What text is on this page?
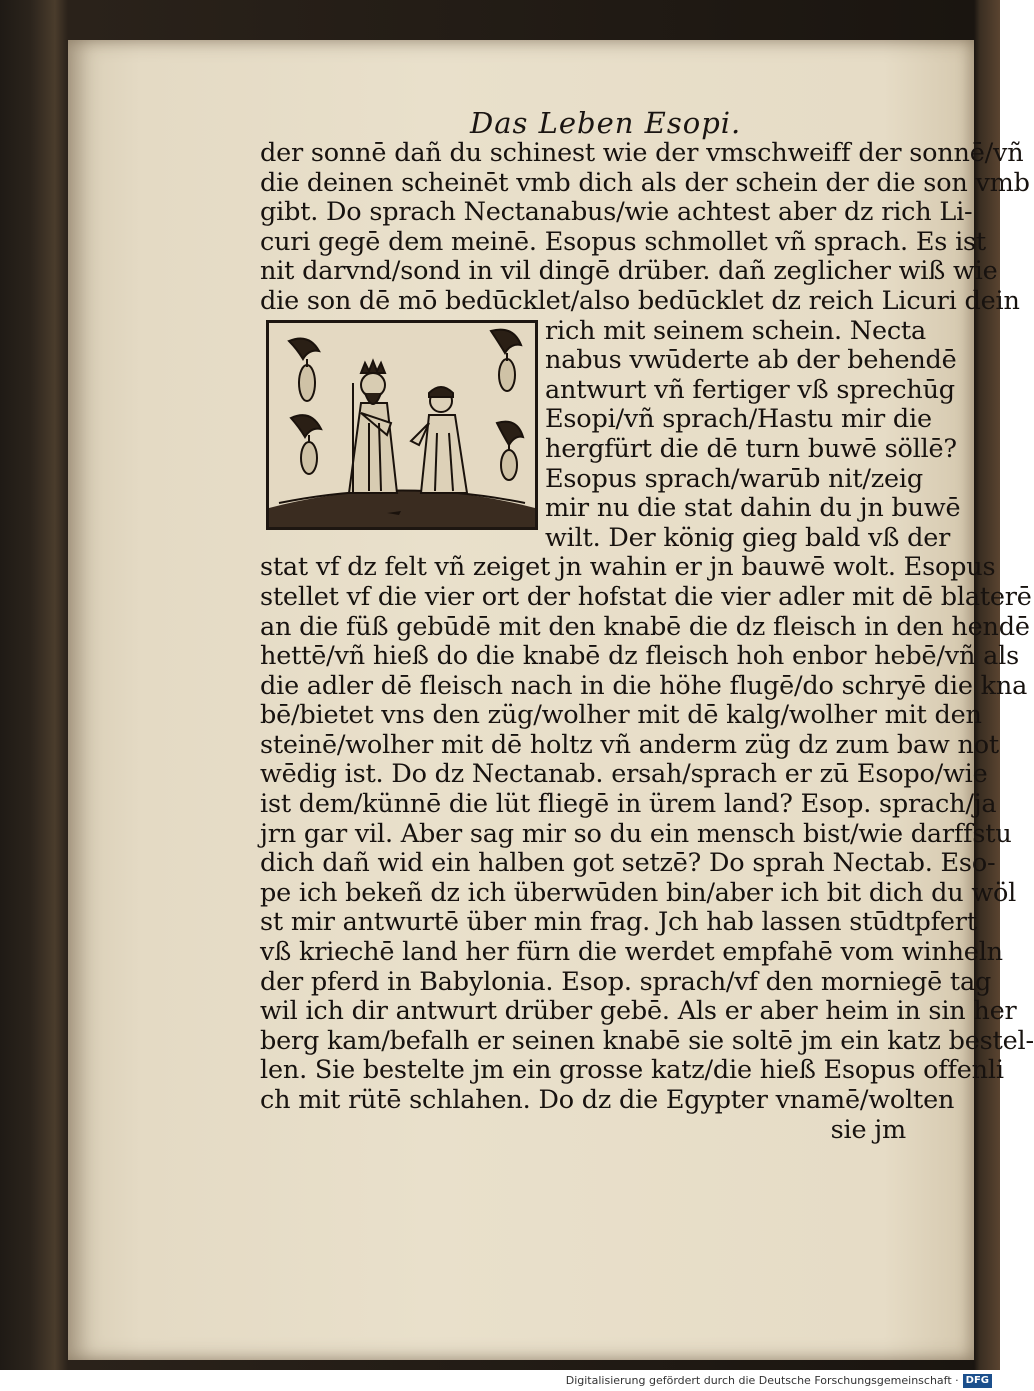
Das Leben Esopi.
der sonnē dañ du schinest wie der vmschweiff der sonnē/vñ
die deinen scheinēt vmb dich als der schein der die son vmb
gibt. Do sprach Nectanabus/wie achtest aber dz rich Li-
curi gegē dem meinē. Esopus schmollet vñ sprach. Es ist
nit darvnd/sond in vil dingē drüber. dañ zeglicher wiß wie
die son dē mō bedūcklet/also bedūcklet dz reich Licuri dein
rich mit seinem schein. Necta
nabus vwūderte ab der behendē
antwurt vñ fertiger vß sprechūg
Esopi/vñ sprach/Hastu mir die
hergfürt die dē turn buwē söllē?
Esopus sprach/warūb nit/zeig
mir nu die stat dahin du jn buwē
wilt. Der könig gieg bald vß der
stat vf dz felt vñ zeiget jn wahin er jn bauwē wolt. Esopus
stellet vf die vier ort der hofstat die vier adler mit dē blaterē
an die füß gebūdē mit den knabē die dz fleisch in den hendē
hettē/vñ hieß do die knabē dz fleisch hoh enbor hebē/vñ als
die adler dē fleisch nach in die höhe flugē/do schryē die kna
bē/bietet vns den züg/wolher mit dē kalg/wolher mit den
steinē/wolher mit dē holtz vñ anderm züg dz zum baw not
wēdig ist. Do dz Nectanab. ersah/sprach er zū Esopo/wie
ist dem/künnē die lüt fliegē in ürem land? Esop. sprach/ja
jrn gar vil. Aber sag mir so du ein mensch bist/wie darffstu
dich dañ wid ein halben got setzē? Do sprah Nectab. Eso-
pe ich bekeñ dz ich überwūden bin/aber ich bit dich du wöl
st mir antwurtē über min frag. Jch hab lassen stūdtpfert
vß kriechē land her fürn die werdet empfahē vom winheln
der pferd in Babylonia. Esop. sprach/vf den morniegē tag
wil ich dir antwurt drüber gebē. Als er aber heim in sin her
berg kam/befalh er seinen knabē sie soltē jm ein katz bestel-
len. Sie bestelte jm ein grosse katz/die hieß Esopus offenli
ch mit rütē schlahen. Do dz die Egypter vnamē/wolten
sie jm
Digitalisierung gefördert durch die Deutsche Forschungsgemeinschaft · DFG
